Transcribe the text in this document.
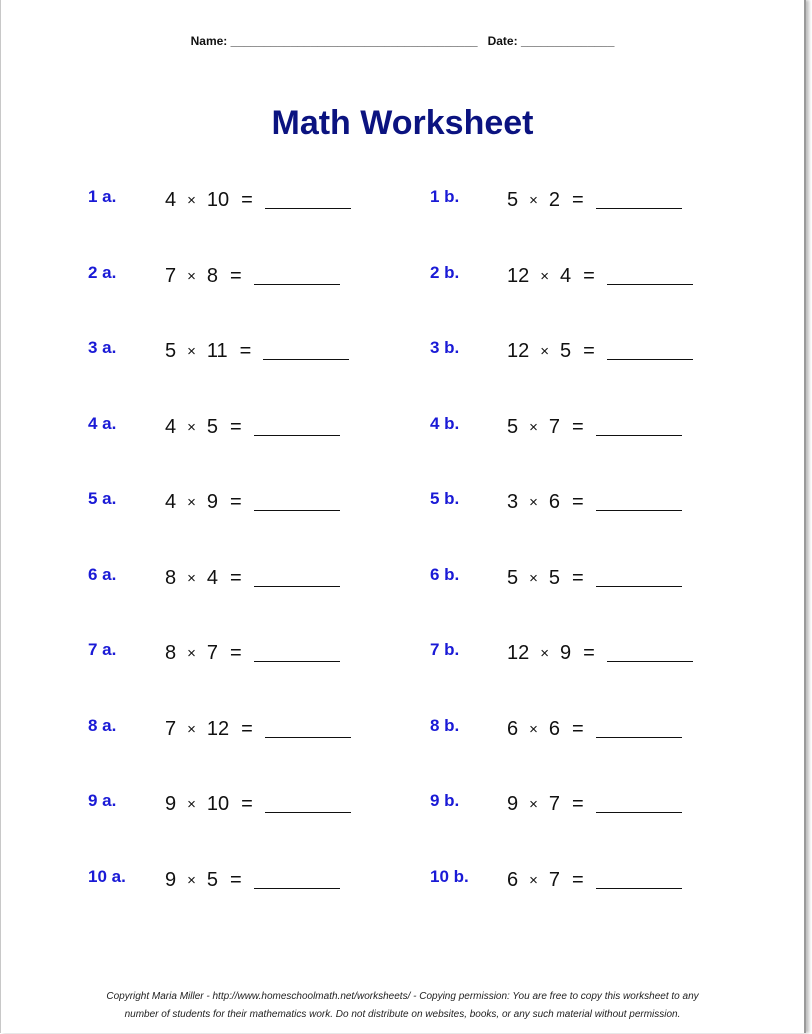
Name: _____________________________________ Date: ______________
Math Worksheet
1 a. 4 × 10 =
2 a. 7 × 8 =
3 a. 5 × 11 =
4 a. 4 × 5 =
5 a. 4 × 9 =
6 a. 8 × 4 =
7 a. 8 × 7 =
8 a. 7 × 12 =
9 a. 9 × 10 =
10 a. 9 × 5 =
1 b. 5 × 2 =
2 b. 12 × 4 =
3 b. 12 × 5 =
4 b. 5 × 7 =
5 b. 3 × 6 =
6 b. 5 × 5 =
7 b. 12 × 9 =
8 b. 6 × 6 =
9 b. 9 × 7 =
10 b. 6 × 7 =
Copyright Maria Miller - http://www.homeschoolmath.net/worksheets/ - Copying permission: You are free to copy this worksheet to any
number of students for their mathematics work. Do not distribute on websites, books, or any such material without permission.
